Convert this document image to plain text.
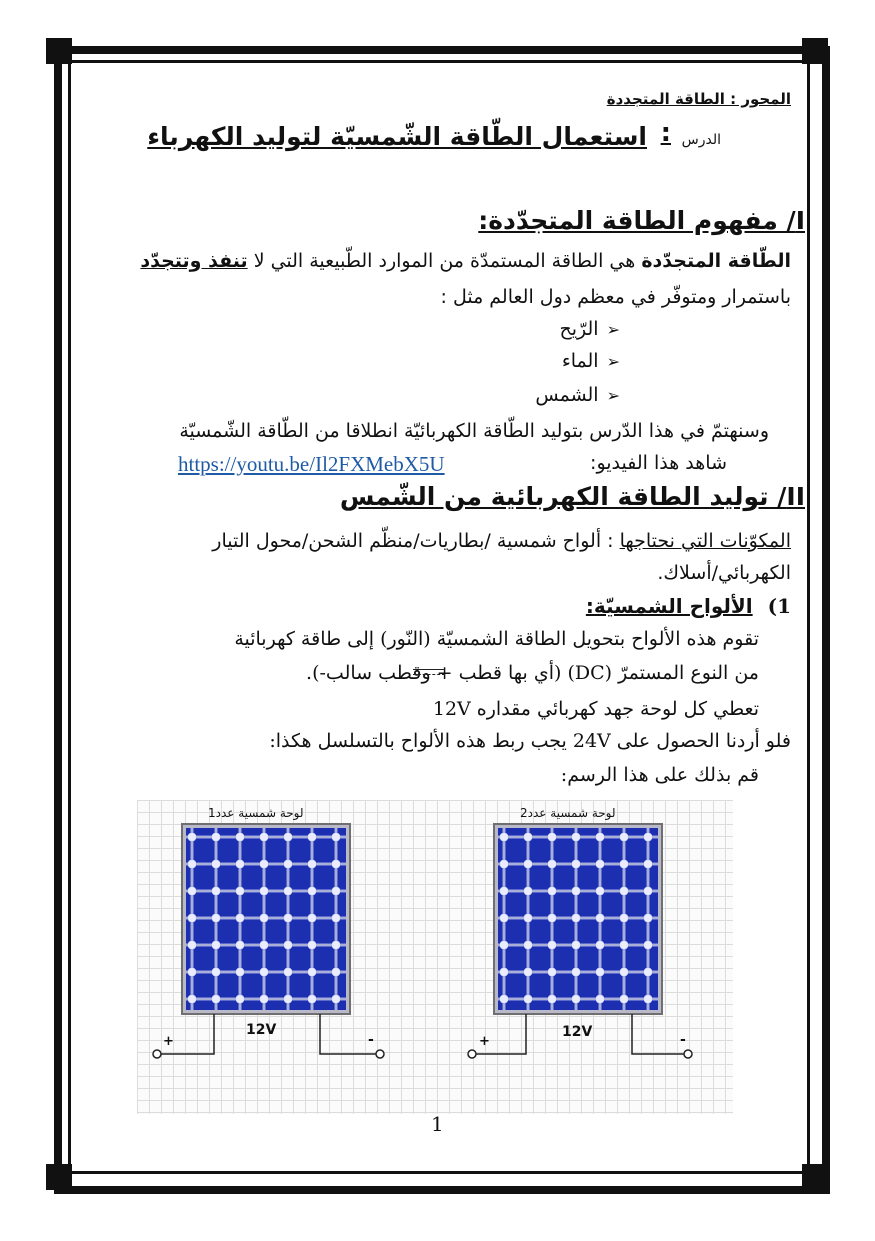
المحور : الطاقة المتجددة
الدرس
:
استعمال الطّاقة الشّمسيّة لتوليد الكهرباء
I/ مفهوم الطاقة المتجدّدة:
الطّاقة المتجدّدة هي الطاقة المستمدّة من الموارد الطّبيعية التي لا تنفذ وتتجدّد
باستمرار ومتوفّر في معظم دول العالم مثل :
➢الرّيح
➢الماء
➢الشمس
وسنهتمّ في هذا الدّرس بتوليد الطّاقة الكهربائيّة انطلاقا من الطّاقة الشّمسيّة
شاهد هذا الفيديو:
https://youtu.be/Il2FXMebX5U
II/ توليد الطاقة الكهربائية من الشّمس
المكوّنات التي نحتاجها : ألواح شمسية /بطاريات/منظّم الشحن/محول التيار
الكهربائي/أسلاك.
1) الألواح الشمسيّة:
تقوم هذه الألواح بتحويل الطاقة الشمسيّة (النّور) إلى طاقة كهربائية
من النوع المستمرّ (DC) (أي بها قطب + وقطب سالب-).
تعطي كل لوحة جهد كهربائي مقداره 12V
فلو أردنا الحصول على 24V يجب ربط هذه الألواح بالتسلسل هكذا:
قم بذلك على هذا الرسم:
لوحة شمسية عدد1	لوحة شمسية عدد2
12V	12V
+	-	+	-
1
